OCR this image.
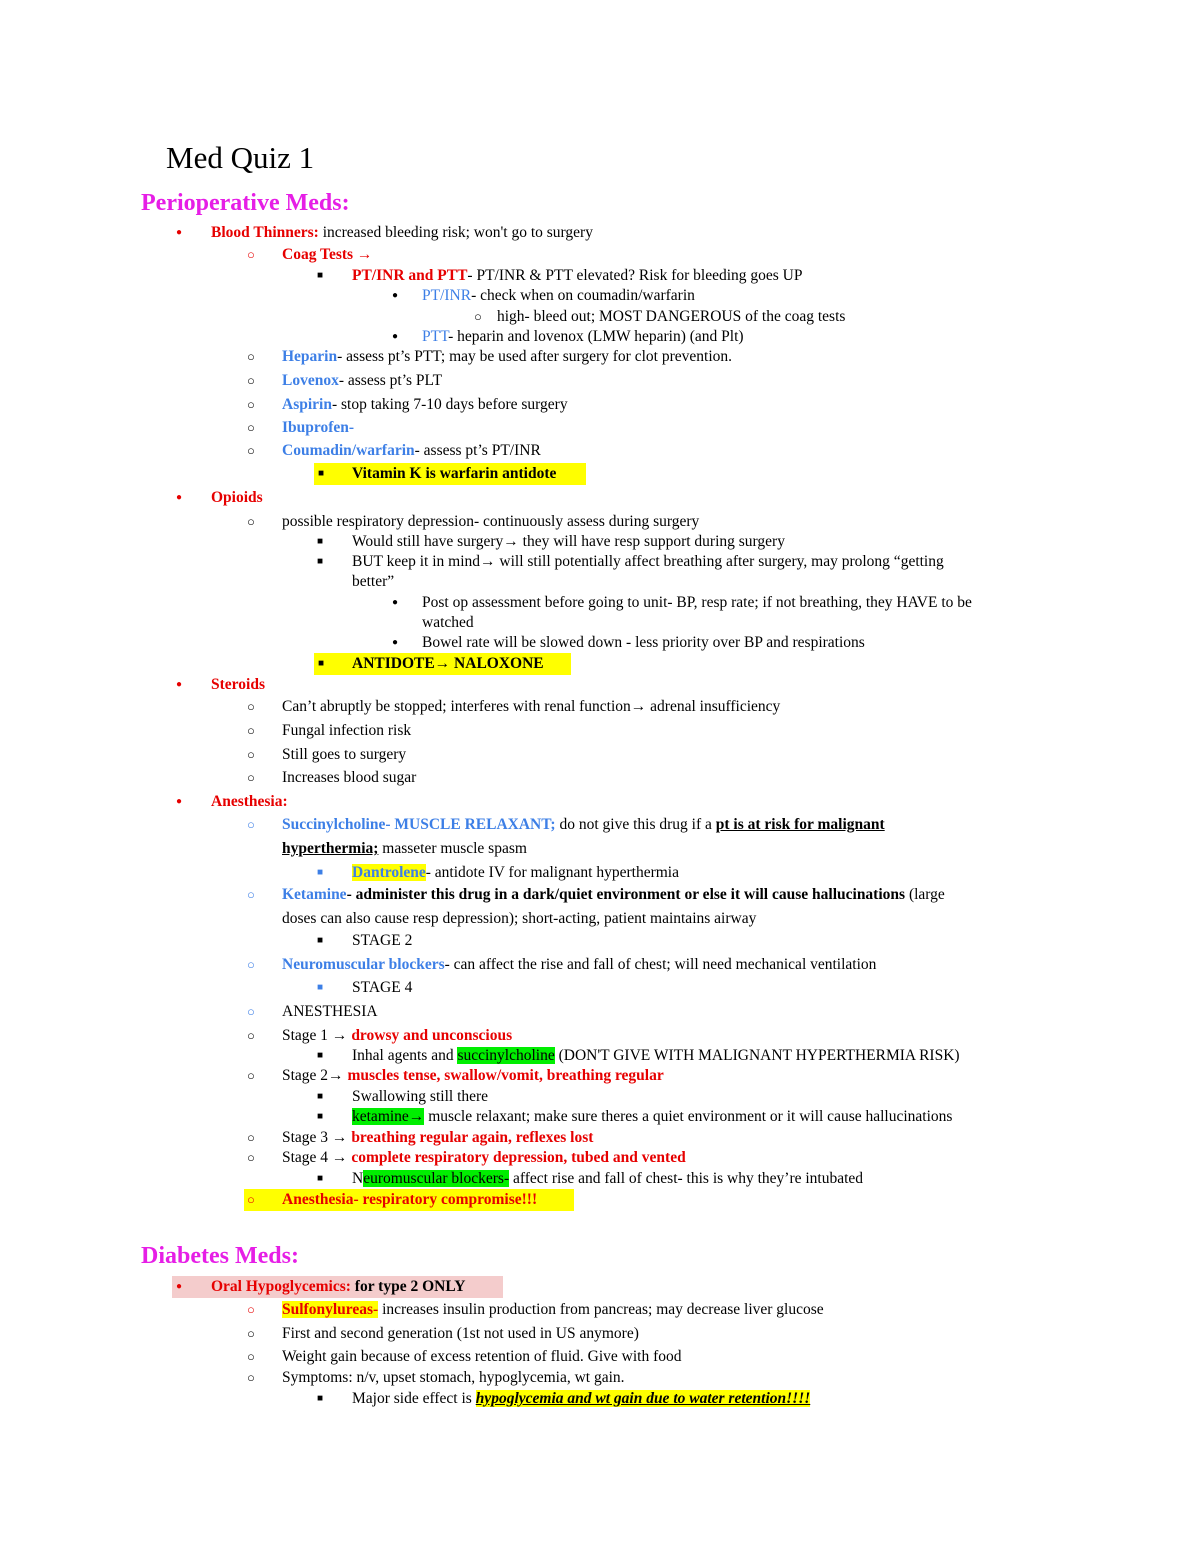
Med Quiz 1
Perioperative Meds:
● Blood Thinners: increased bleeding risk; won't go to surgery
○ Coag Tests →
■ PT/INR and PTT- PT/INR & PTT elevated? Risk for bleeding goes UP
● PT/INR- check when on coumadin/warfarin
○ high- bleed out; MOST DANGEROUS of the coag tests
● PTT- heparin and lovenox (LMW heparin) (and Plt)
○ Heparin- assess pt’s PTT; may be used after surgery for clot prevention.
○ Lovenox- assess pt’s PLT
○ Aspirin- stop taking 7-10 days before surgery
○ Ibuprofen-
○ Coumadin/warfarin- assess pt’s PT/INR
■ Vitamin K is warfarin antidote
● Opioids
○ possible respiratory depression- continuously assess during surgery
■ Would still have surgery→ they will have resp support during surgery
■ BUT keep it in mind→ will still potentially affect breathing after surgery, may prolong “getting
better”
● Post op assessment before going to unit- BP, resp rate; if not breathing, they HAVE to be
watched
● Bowel rate will be slowed down - less priority over BP and respirations
■ ANTIDOTE→ NALOXONE
● Steroids
○ Can’t abruptly be stopped; interferes with renal function→ adrenal insufficiency
○ Fungal infection risk
○ Still goes to surgery
○ Increases blood sugar
● Anesthesia:
○ Succinylcholine- MUSCLE RELAXANT; do not give this drug if a pt is at risk for malignant
hyperthermia; masseter muscle spasm
■ Dantrolene- antidote IV for malignant hyperthermia
○ Ketamine- administer this drug in a dark/quiet environment or else it will cause hallucinations (large
doses can also cause resp depression); short-acting, patient maintains airway
■ STAGE 2
○ Neuromuscular blockers- can affect the rise and fall of chest; will need mechanical ventilation
■ STAGE 4
○ ANESTHESIA
○ Stage 1 → drowsy and unconscious
■ Inhal agents and succinylcholine (DON'T GIVE WITH MALIGNANT HYPERTHERMIA RISK)
○ Stage 2→ muscles tense, swallow/vomit, breathing regular
■ Swallowing still there
■ ketamine→ muscle relaxant; make sure theres a quiet environment or it will cause hallucinations
○ Stage 3 → breathing regular again, reflexes lost
○ Stage 4 → complete respiratory depression, tubed and vented
■ Neuromuscular blockers- affect rise and fall of chest- this is why they’re intubated
○ Anesthesia- respiratory compromise!!!
Diabetes Meds:
● Oral Hypoglycemics: for type 2 ONLY
○ Sulfonylureas- increases insulin production from pancreas; may decrease liver glucose
○ First and second generation (1st not used in US anymore)
○ Weight gain because of excess retention of fluid. Give with food
○ Symptoms: n/v, upset stomach, hypoglycemia, wt gain.
■ Major side effect is hypoglycemia and wt gain due to water retention!!!!
